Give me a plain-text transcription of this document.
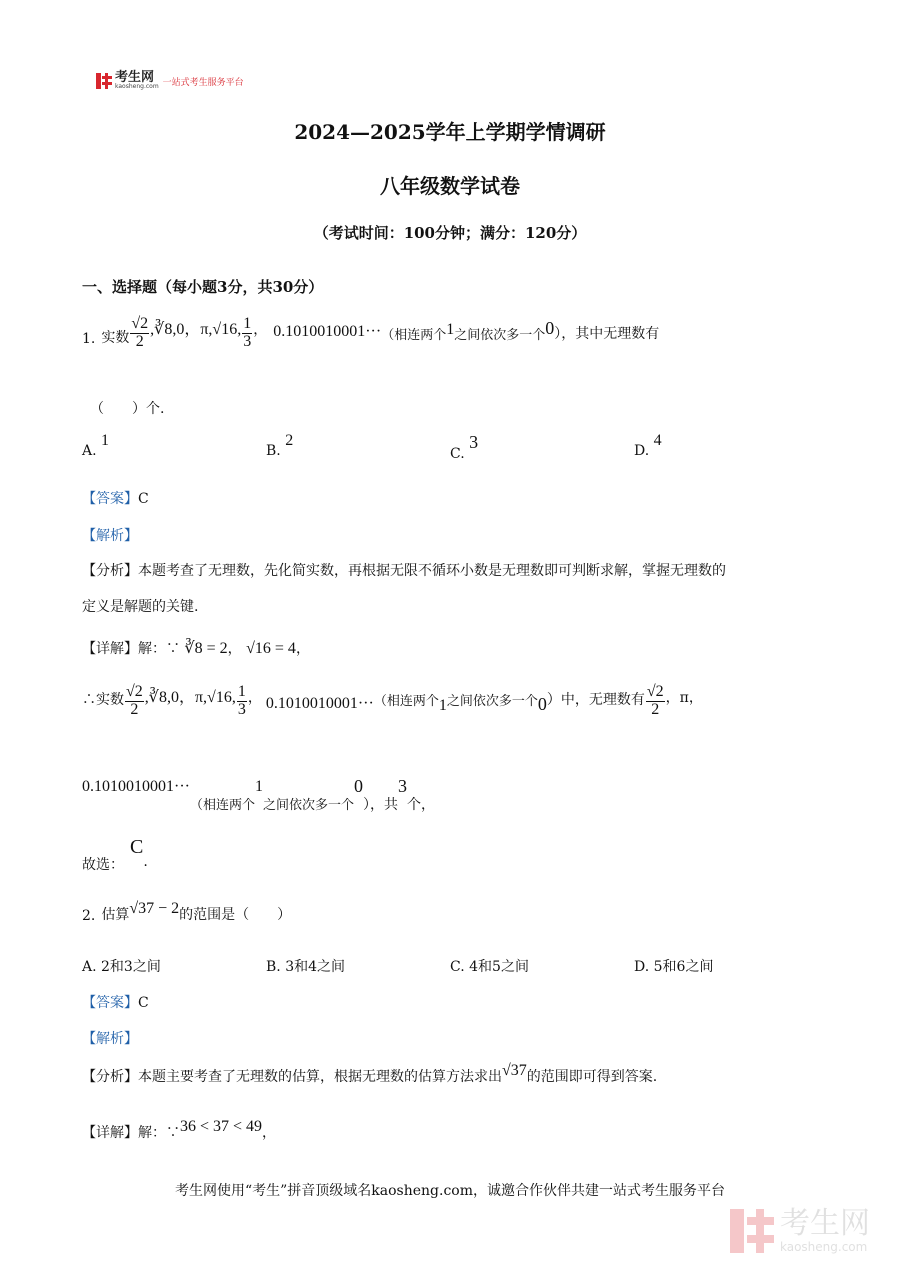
考生网
kaosheng.com 一站式考生服务平台
2024—2025学年上学期学情调研
八年级数学试卷
（考试时间：100分钟；满分：120分）
一、选择题（每小题3分，共30分）
1. 实数 $\frac{√2}{2}$ ,∛8,0，π,√16, $\frac{1}{3}$ ， 0.1010010001··· （相连两个 1 之间依次多一个 0 ），其中无理数有
（　　）个.
A. 1
B. 2
C. 3	D. 4
【答案】C
【解析】
【分析】本题考查了无理数，先化简实数，再根据无限不循环小数是无理数即可判断求解，掌握无理数的
定义是解题的关键.
【详解】解：∵ ∛8 = 2， √16 = 4，
∴实数 $\frac{√2}{2}$ ,∛8,0，π,√16, $\frac{1}{3}$ ， 0.1010010001··· （相连两个 1 之间依次多一个 0 ）中，无理数有 $\frac{√2}{2}$ ，π，
0.1010010001···
（相连两个
1
之间依次多一个
0
），共
3
个，
故选：
C
.
2. 估算 √37 − 2 的范围是（　　）
A. 2和3之间	B. 3和4之间	C. 4和5之间	D. 5和6之间
【答案】C
【解析】
【分析】 本题主要考查了无理数的估算，根据无理数的估算方法求出 √37 的范围即可得到答案.
【详解】 解：∵ 36 < 37 < 49 ，
考生网使用“考生”拼音顶级域名kaosheng.com，诚邀合作伙伴共建一站式考生服务平台
考生网
kaosheng.com
